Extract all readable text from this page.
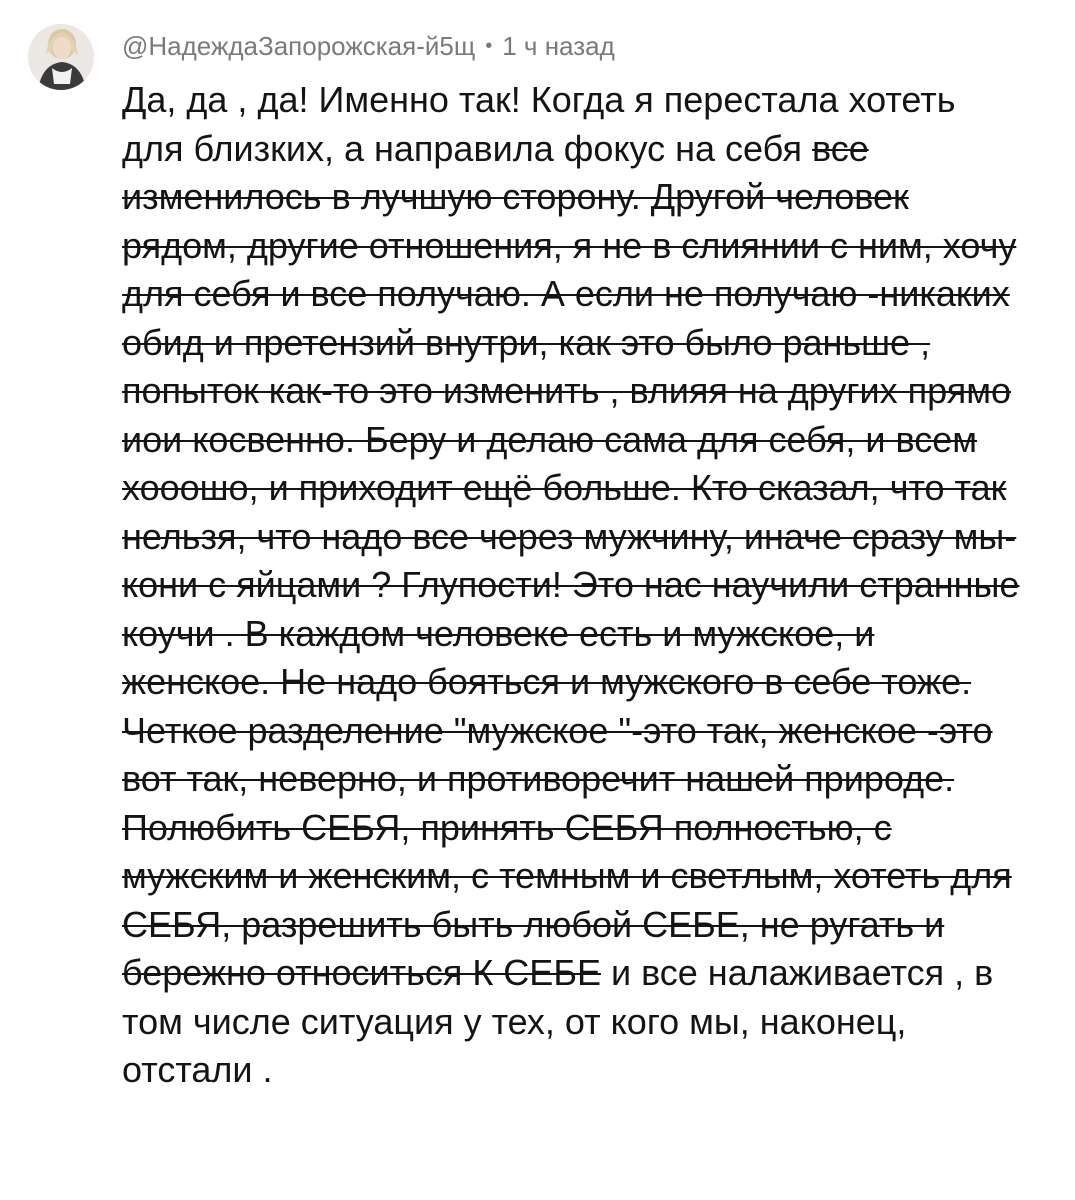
@НадеждаЗапорожская-й5щ • 1 ч назад

Да, да , да! Именно так! Когда я перестала хотеть для близких, а направила фокус на себя все изменилось в лучшую сторону. Другой человек рядом, другие отношения, я не в слиянии с ним, хочу для себя и все получаю. А если не получаю -никаких обид и претензий внутри, как это было раньше , попыток как-то это изменить , влияя на других прямо иои косвенно. Беру и делаю сама для себя, и всем хооошо, и приходит ещё больше. Кто сказал, что так нельзя, что надо все через мужчину, иначе сразу мы-кони с яйцами ? Глупости! Это нас научили странные коучи . В каждом человеке есть и мужское, и женское. Не надо бояться и мужского в себе тоже. Четкое разделение "мужское "-это так, женское -это вот так, неверно, и противоречит нашей природе. Полюбить СЕБЯ, принять СЕБЯ полностью, с мужским и женским, с темным и светлым, хотеть для СЕБЯ, разрешить быть любой СЕБЕ, не ругать и бережно относиться К СЕБЕ и все налаживается , в том числе ситуация у тех, от кого мы, наконец, отстали .
